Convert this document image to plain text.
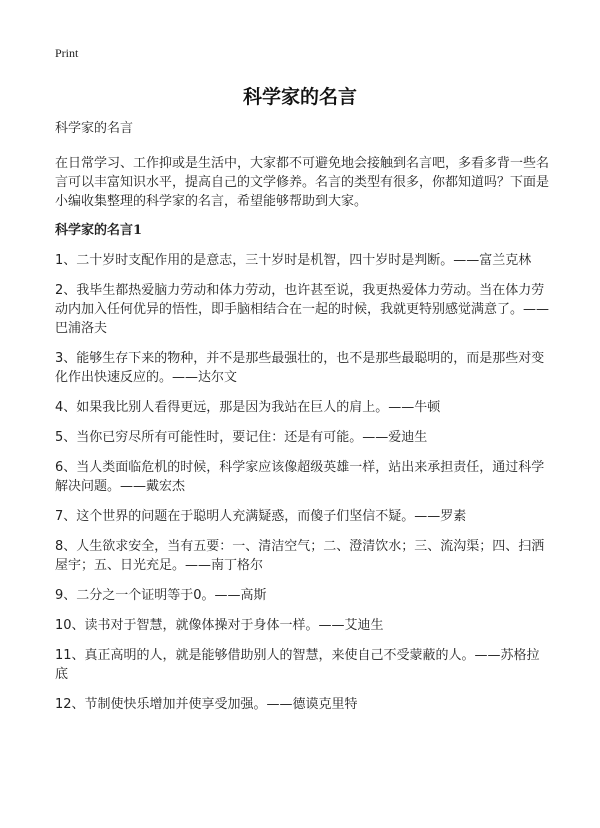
Print
科学家的名言

科学家的名言

在日常学习、工作抑或是生活中，大家都不可避免地会接触到名言吧，多看多背一些名言可以丰富知识水平，提高自己的文学修养。名言的类型有很多，你都知道吗？下面是小编收集整理的科学家的名言，希望能够帮助到大家。

科学家的名言1

1、二十岁时支配作用的是意志，三十岁时是机智，四十岁时是判断。——富兰克林

2、我毕生都热爱脑力劳动和体力劳动，也许甚至说，我更热爱体力劳动。当在体力劳动内加入任何优异的悟性，即手脑相结合在一起的时候，我就更特别感觉满意了。——巴浦洛夫

3、能够生存下来的物种，并不是那些最强壮的，也不是那些最聪明的，而是那些对变化作出快速反应的。——达尔文

4、如果我比别人看得更远，那是因为我站在巨人的肩上。——牛顿

5、当你已穷尽所有可能性时，要记住：还是有可能。——爱迪生

6、当人类面临危机的时候，科学家应该像超级英雄一样，站出来承担责任，通过科学解决问题。——戴宏杰

7、这个世界的问题在于聪明人充满疑惑，而傻子们坚信不疑。——罗素

8、人生欲求安全，当有五要：一、清洁空气；二、澄清饮水；三、流沟渠；四、扫洒屋宇；五、日光充足。——南丁格尔

9、二分之一个证明等于0。——高斯

10、读书对于智慧，就像体操对于身体一样。——艾迪生

11、真正高明的人，就是能够借助别人的智慧，来使自己不受蒙蔽的人。——苏格拉底

12、节制使快乐增加并使享受加强。——德谟克里特
